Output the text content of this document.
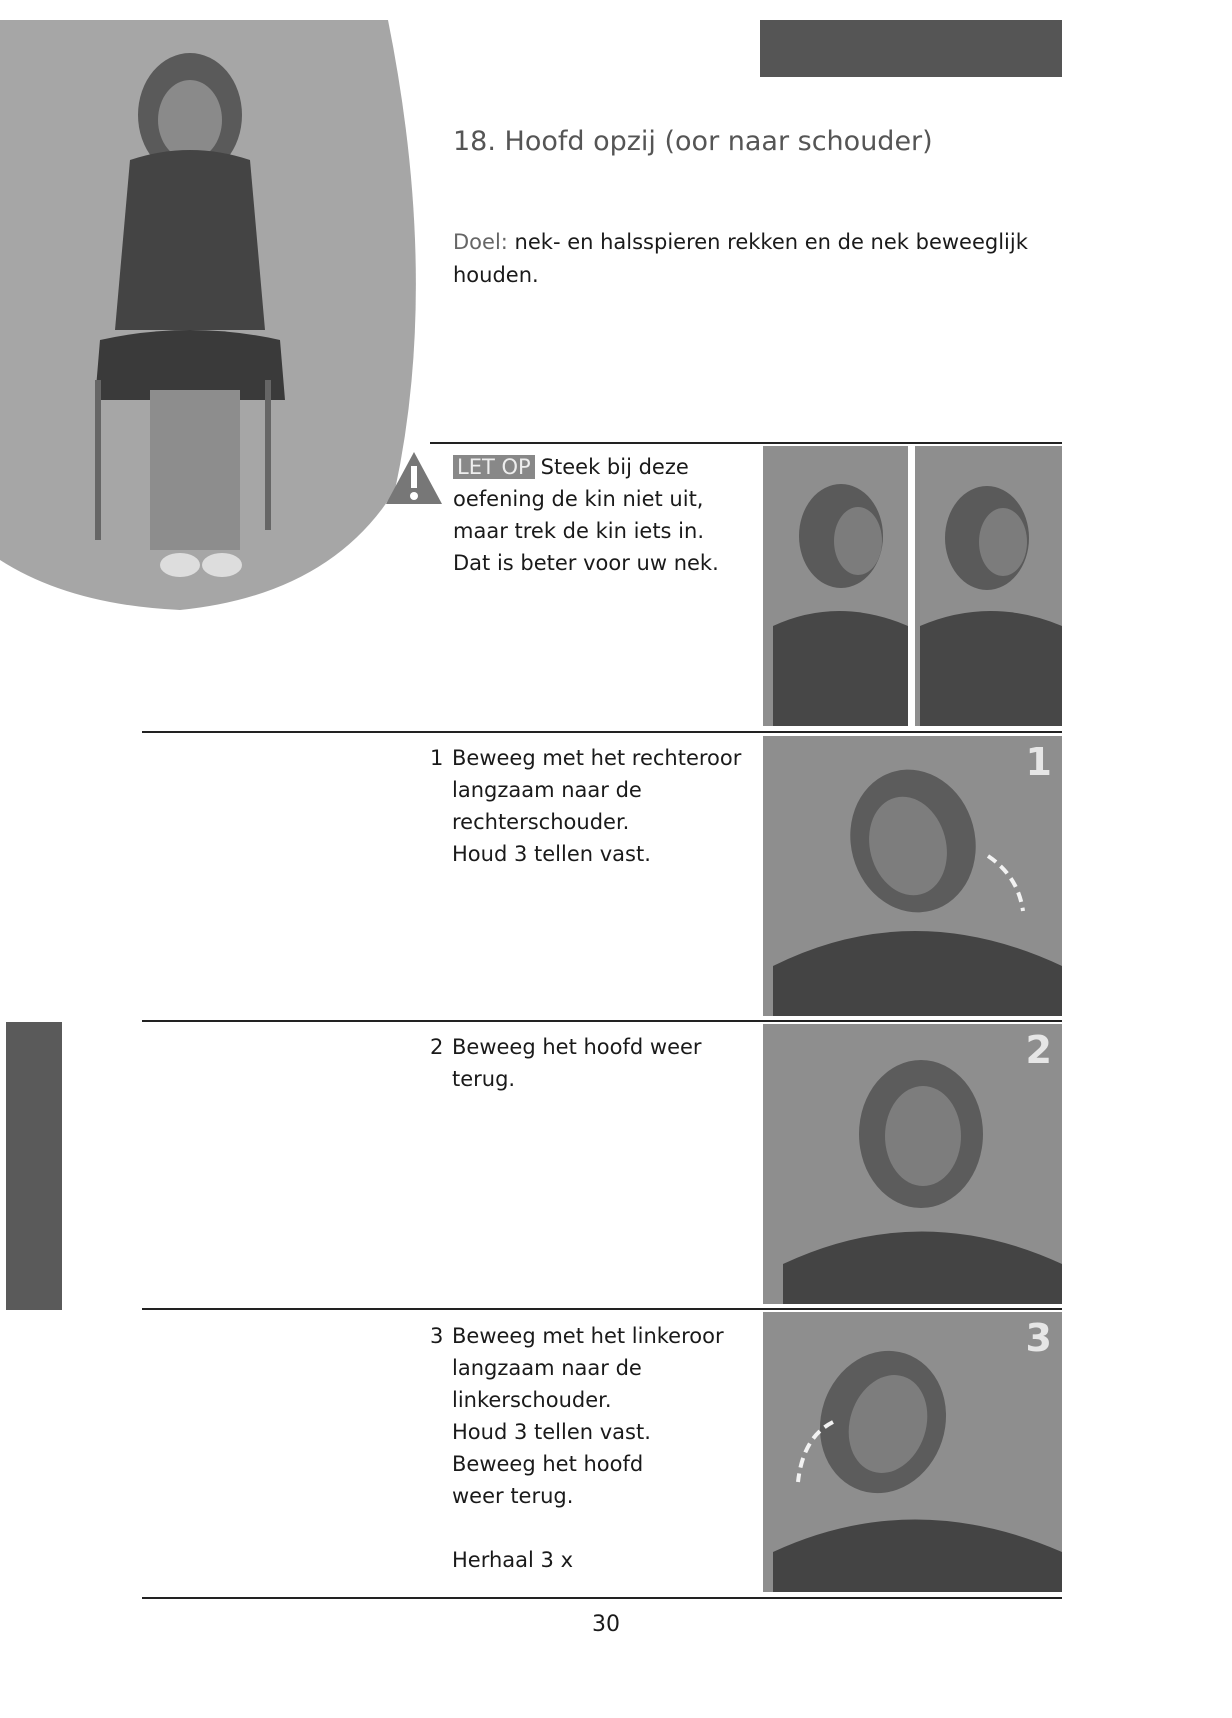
18. Hoofd opzij (oor naar schouder)
Doel: nek- en halsspieren rekken en de nek beweeglijk houden.
LET OP Steek bij deze
oefening de kin niet uit,
maar trek de kin iets in.
Dat is beter voor uw nek.
1 Beweeg met het rechteroor
langzaam naar de
rechterschouder.
Houd 3 tellen vast.
1
2 Beweeg het hoofd weer
terug.
2
3 Beweeg met het linkeroor
langzaam naar de
linkerschouder.
Houd 3 tellen vast.
Beweeg het hoofd
weer terug.
Herhaal 3 x
3
30
